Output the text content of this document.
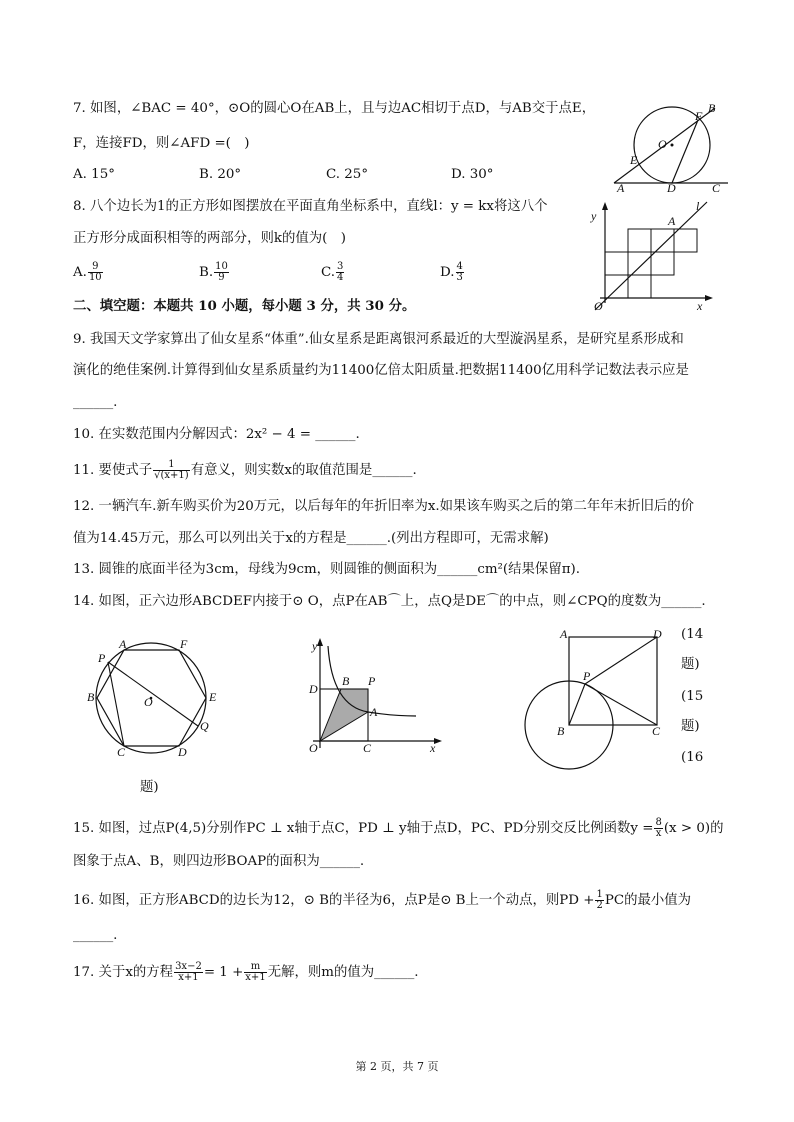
7. 如图，∠BAC = 40°，⊙O的圆心O在AB上，且与边AC相切于点D，与AB交于点E，
F，连接FD，则∠AFD =(　)
A. 15°	B. 20°	C. 25°	D. 30°
A
B
C
D
E
F
O
8. 八个边长为1的正方形如图摆放在平面直角坐标系中，直线l：y = kx将这八个
正方形分成面积相等的两部分，则k的值为(　)
A. $\frac{9}{10}$	B. $\frac{10}{9}$	C. $\frac{3}{4}$	D. $\frac{4}{3}$
y
l
A
O	x
二、填空题：本题共 10 小题，每小题 3 分，共 30 分。
9. 我国天文学家算出了仙女星系“体重”.仙女星系是距离银河系最近的大型漩涡星系，是研究星系形成和
演化的绝佳案例.计算得到仙女星系质量约为11400亿倍太阳质量.把数据11400亿用科学记数法表示应是
______.
10. 在实数范围内分解因式：2x² − 4 = ______.
11. 要使式子 $\frac{1}{√(x+1)}$ 有意义，则实数x的取值范围是______.
12. 一辆汽车.新车购买价为20万元，以后每年的年折旧率为x.如果该车购买之后的第二年年末折旧后的价
值为14.45万元，那么可以列出关于x的方程是______.(列出方程即可，无需求解)
13. 圆锥的底面半径为3cm，母线为9cm，则圆锥的侧面积为______cm²(结果保留π).
14. 如图，正六边形ABCDEF内接于⊙ O，点P在AB⌒上，点Q是DE⌒的中点，则∠CPQ的度数为______.
A	F
P
B	O	E
Q
C	D
y
D
B P
A
O	C	x
A	D
P
B	C
(14
题)
(15
题)
(16
题)
15. 如图，过点P(4,5)分别作PC ⊥ x轴于点C，PD ⊥ y轴于点D，PC、PD分别交反比例函数$y = \frac{8}{x} (x > 0)$的
图象于点A、B，则四边形BOAP的面积为______.
16. 如图，正方形ABCD的边长为12，⊙ B的半径为6，点P是⊙ B上一个动点，则PD + $\frac{1}{2}$ PC的最小值为
______.
17. 关于x的方程 $\frac{3x-2}{x+1} = 1 + \frac{m}{x+1}$ 无解，则m的值为______.
第 2 页，共 7 页
